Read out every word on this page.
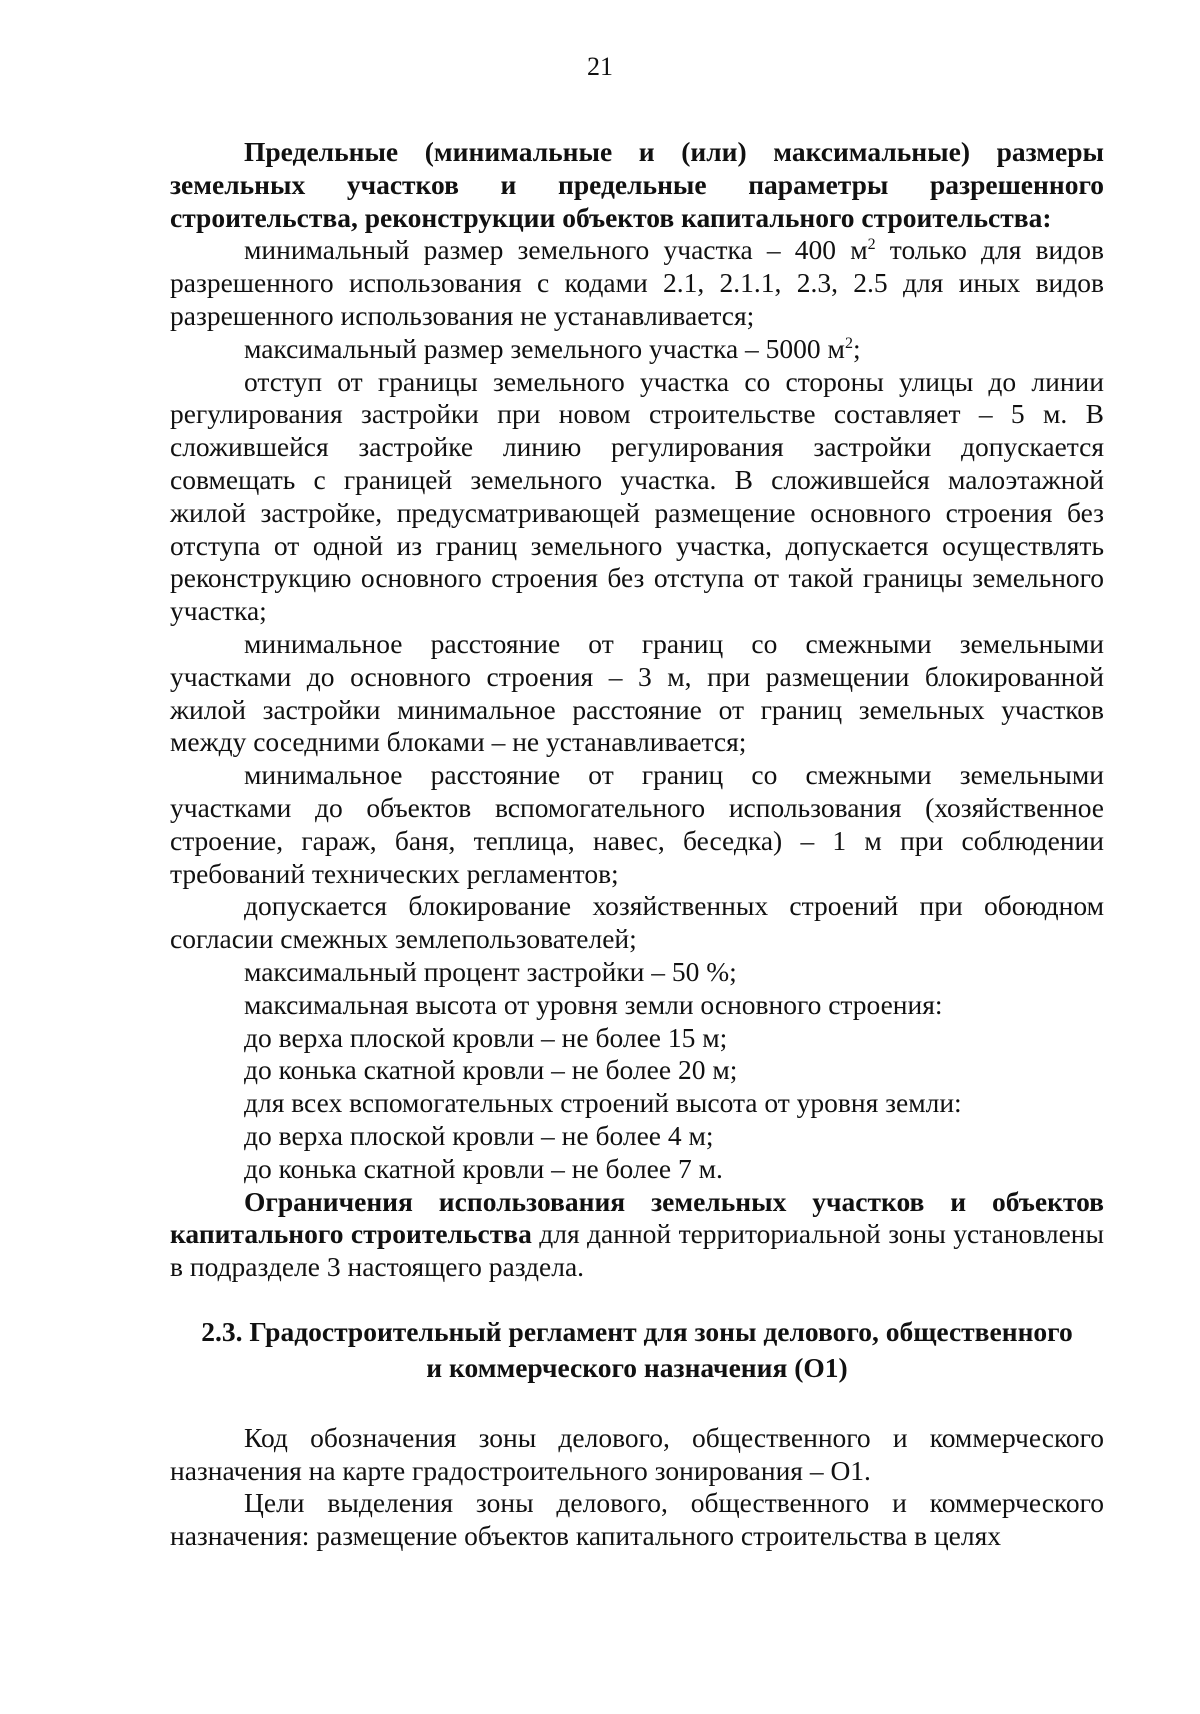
21

Предельные (минимальные и (или) максимальные) размеры земельных участков и предельные параметры разрешенного строительства, реконструкции объектов капитального строительства:

минимальный размер земельного участка – 400 $м^2$ только для видов разрешенного использования с кодами 2.1, 2.1.1, 2.3, 2.5 для иных видов разрешенного использования не устанавливается;

максимальный размер земельного участка – 5000 $м^2$;

отступ от границы земельного участка со стороны улицы до линии регулирования застройки при новом строительстве составляет – 5 м. В сложившейся застройке линию регулирования застройки допускается совмещать с границей земельного участка. В сложившейся малоэтажной жилой застройке, предусматривающей размещение основного строения без отступа от одной из границ земельного участка, допускается осуществлять реконструкцию основного строения без отступа от такой границы земельного участка;

минимальное расстояние от границ со смежными земельными участками до основного строения – 3 м, при размещении блокированной жилой застройки минимальное расстояние от границ земельных участков между соседними блоками – не устанавливается;

минимальное расстояние от границ со смежными земельными участками до объектов вспомогательного использования (хозяйственное строение, гараж, баня, теплица, навес, беседка) – 1 м при соблюдении требований технических регламентов;

допускается блокирование хозяйственных строений при обоюдном согласии смежных землепользователей;

максимальный процент застройки – 50 %;

максимальная высота от уровня земли основного строения:

до верха плоской кровли – не более 15 м;

до конька скатной кровли – не более 20 м;

для всех вспомогательных строений высота от уровня земли:

до верха плоской кровли – не более 4 м;

до конька скатной кровли – не более 7 м.

Ограничения использования земельных участков и объектов капитального строительства для данной территориальной зоны установлены в подразделе 3 настоящего раздела.

2.3. Градостроительный регламент для зоны делового, общественного
и коммерческого назначения (О1)

Код обозначения зоны делового, общественного и коммерческого назначения на карте градостроительного зонирования – О1.

Цели выделения зоны делового, общественного и коммерческого назначения: размещение объектов капитального строительства в целях
